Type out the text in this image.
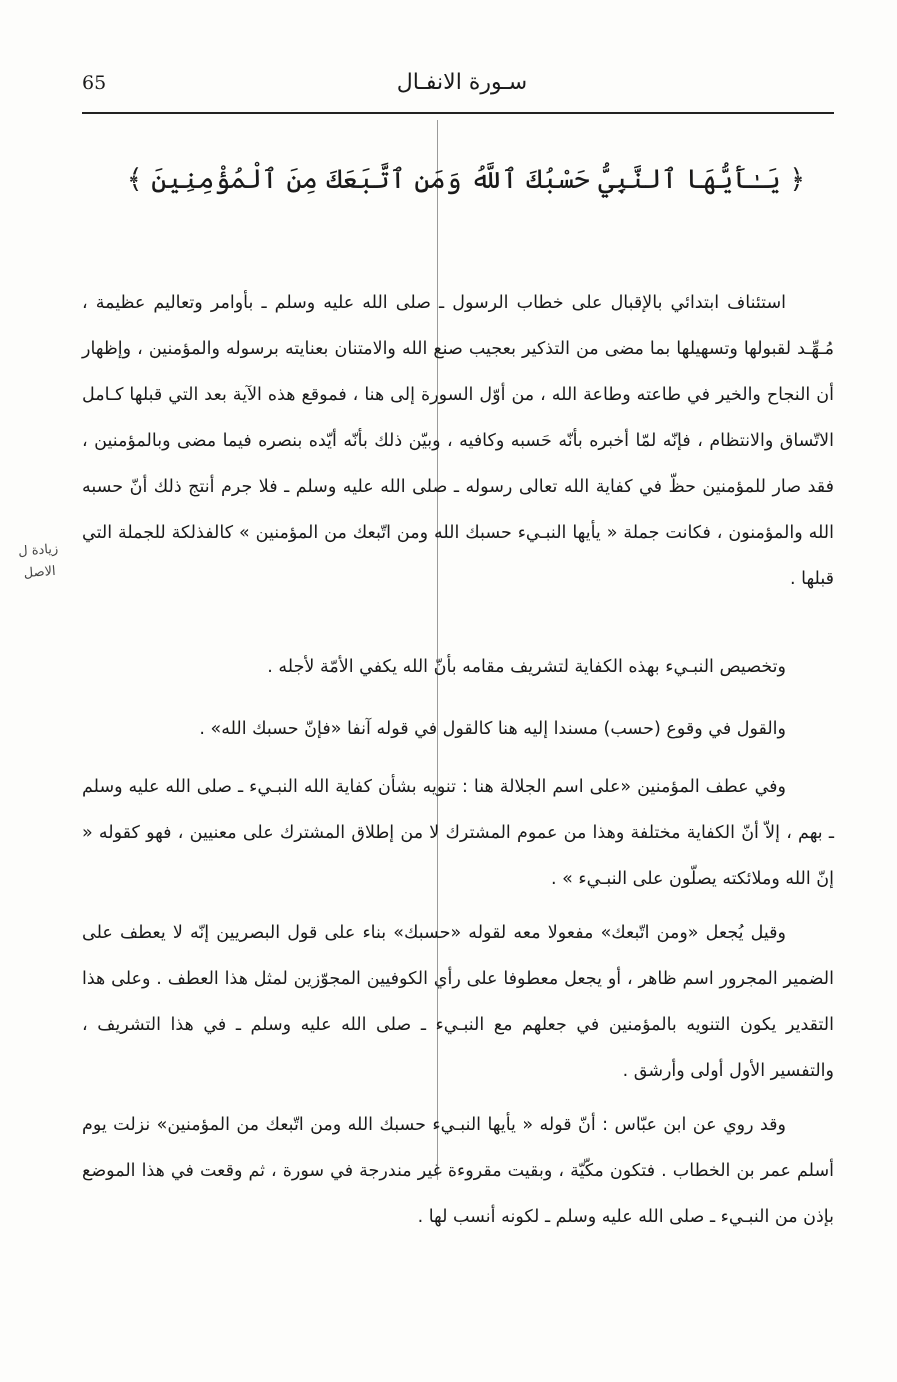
65	سـورة الانفـال
﴿ يَـٰأَيُّهَا ٱلنَّبِيُّ حَسْبُكَ ٱللَّهُ وَمَنِ ٱتَّبَعَكَ مِنَ ٱلْمُؤْمِنِينَ ﴾

استئناف ابتدائي بالإقبال على خطاب الرسول ـ صلى الله عليه وسلم ـ بأوامر وتعاليم عظيمة ، مُـهِّـد لقبولها وتسهيلها بما مضى من التذكير بعجيب صنع الله والامتنان بعنايته برسوله والمؤمنين ، وإظهار أن النجاح والخير في طاعته وطاعة الله ، من أوّل السورة إلى هنا ، فموقع هذه الآية بعد التي قبلها كـامل الاتّساق والانتظام ، فإنّه لمّا أخبره بأنّه حَسبه وكافيه ، وبيّن ذلك بأنّه أيّده بنصره فيما مضى وبالمؤمنين ، فقد صار للمؤمنين حظّ في كفاية الله تعالى رسوله ـ صلى الله عليه وسلم ـ فلا جرم أنتج ذلك أنّ حسبه الله والمؤمنون ، فكانت جملة « يأيها النبـيء حسبك الله ومن اتّبعك من المؤمنين » كالفذلكة للجملة التي قبلها .

وتخصيص النبـيء بهذه الكفاية لتشريف مقامه بأنّ الله يكفي الأمّة لأجله .

والقول في وقوع (حسب) مسندا إليه هنا كالقول في قوله آنفا «فإنّ حسبك الله» .

وفي عطف المؤمنين «على اسم الجلالة هنا : تنويه بشأن كفاية الله النبـيء ـ صلى الله عليه وسلم ـ بهم ، إلاّ أنّ الكفاية مختلفة وهذا من عموم المشترك لا من إطلاق المشترك على معنيين ، فهو كقوله « إنّ الله وملائكته يصلّون على النبـيء » .

وقيل يُجعل «ومن اتّبعك» مفعولا معه لقوله «حسبك» بناء على قول البصريين إنّه لا يعطف على الضمير المجرور اسم ظاهر ، أو يجعل معطوفا على رأي الكوفيين المجوّزين لمثل هذا العطف . وعلى هذا التقدير يكون التنويه بالمؤمنين في جعلهم مع النبـيء ـ صلى الله عليه وسلم ـ في هذا التشريف ، والتفسير الأول أولى وأرشق .

وقد روي عن ابن عبّاس : أنّ قوله « يأيها النبـيء حسبك الله ومن اتّبعك من المؤمنين» نزلت يوم أسلم عمر بن الخطاب . فتكون مكّيّة ، وبقيت مقروءة غير مندرجة في سورة ، ثم وقعت في هذا الموضع بإذن من النبـيء ـ صلى الله عليه وسلم ـ لكونه أنسب لها .

زيادة ل الاصل
